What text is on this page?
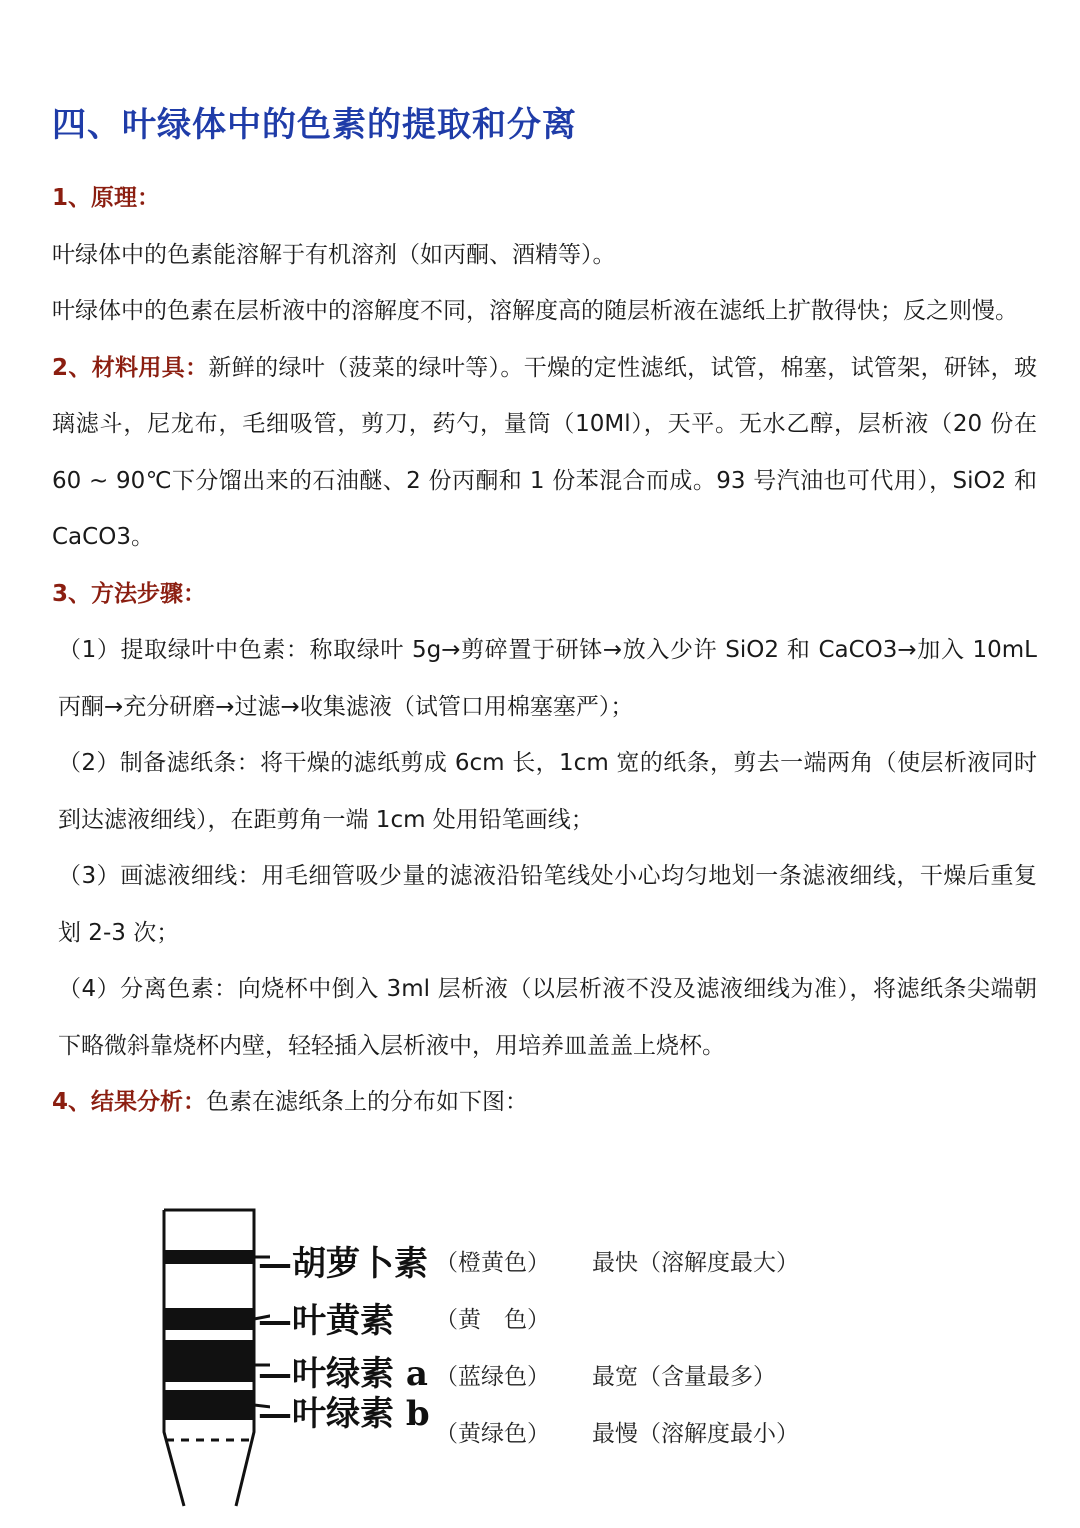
四、叶绿体中的色素的提取和分离

1、原理：

叶绿体中的色素能溶解于有机溶剂（如丙酮、酒精等）。

叶绿体中的色素在层析液中的溶解度不同，溶解度高的随层析液在滤纸上扩散得快；反之则慢。

2、材料用具：新鲜的绿叶（菠菜的绿叶等）。干燥的定性滤纸，试管，棉塞，试管架，研钵，玻璃滤斗，尼龙布，毛细吸管，剪刀，药勺，量筒（10Ml），天平。无水乙醇，层析液（20 份在 60 ~ 90℃下分馏出来的石油醚、2 份丙酮和 1 份苯混合而成。93 号汽油也可代用），SiO2 和 CaCO3。

3、方法步骤：

（1）提取绿叶中色素：称取绿叶 5g→剪碎置于研钵→放入少许 SiO2 和 CaCO3→加入 10mL 丙酮→充分研磨→过滤→收集滤液（试管口用棉塞塞严）；

（2）制备滤纸条：将干燥的滤纸剪成 6cm 长，1cm 宽的纸条，剪去一端两角（使层析液同时到达滤液细线），在距剪角一端 1cm 处用铅笔画线；

（3）画滤液细线：用毛细管吸少量的滤液沿铅笔线处小心均匀地划一条滤液细线，干燥后重复划 2-3 次；

（4）分离色素：向烧杯中倒入 3ml 层析液（以层析液不没及滤液细线为准），将滤纸条尖端朝下略微斜靠烧杯内壁，轻轻插入层析液中，用培养皿盖盖上烧杯。

4、结果分析：色素在滤纸条上的分布如下图：

—胡萝卜素
—叶黄素
—叶绿素 a
—叶绿素 b
（橙黄色）
（黄　色）
（蓝绿色）
（黄绿色）
最快（溶解度最大）
最宽（含量最多）
最慢（溶解度最小）
